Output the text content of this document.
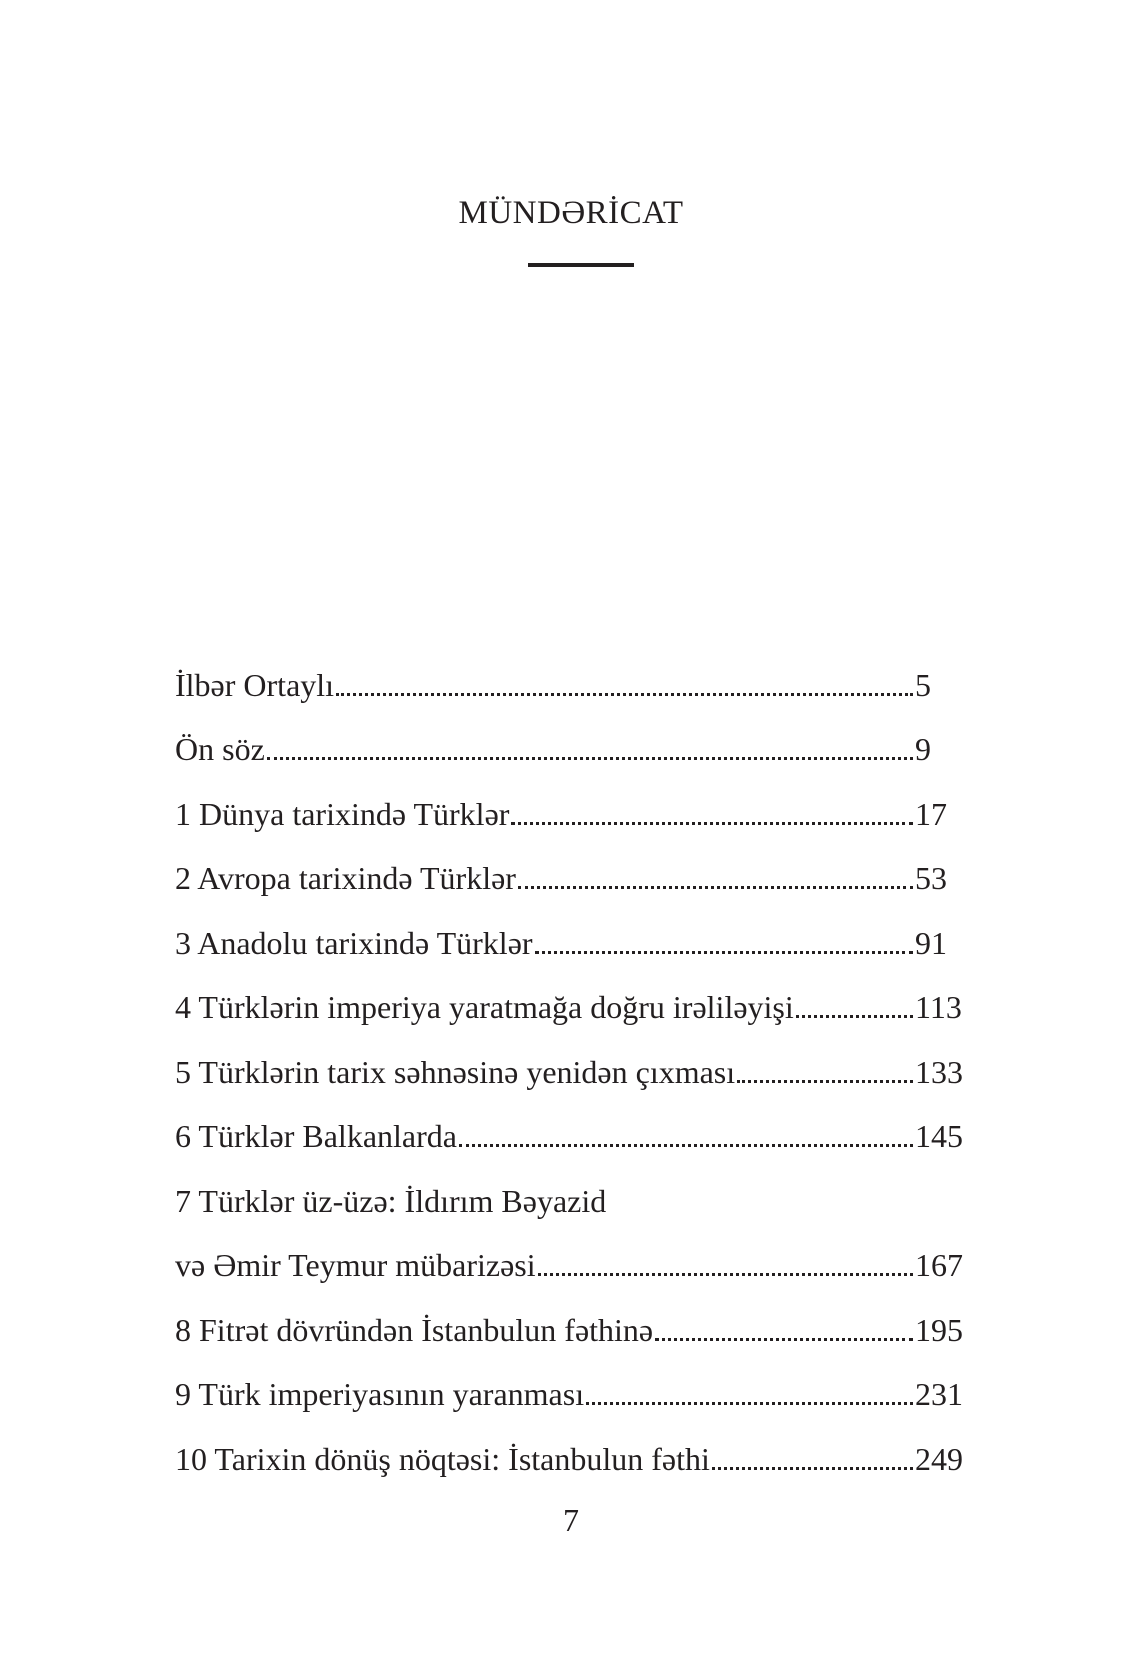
MÜNDƏRİCAT
İlbər Ortaylı	5
Ön söz	9
1 Dünya tarixində Türklər	17
2 Avropa tarixində Türklər	53
3 Anadolu tarixində Türklər	91
4 Türklərin imperiya yaratmağa doğru irəliləyişi	113
5 Türklərin tarix səhnəsinə yenidən çıxması	133
6 Türklər Balkanlarda	145
7 Türklər üz-üzə: İldırım Bəyazid
və Əmir Teymur mübarizəsi	167
8 Fitrət dövründən İstanbulun fəthinə	195
9 Türk imperiyasının yaranması	231
10 Tarixin dönüş nöqtəsi: İstanbulun fəthi	249
7
